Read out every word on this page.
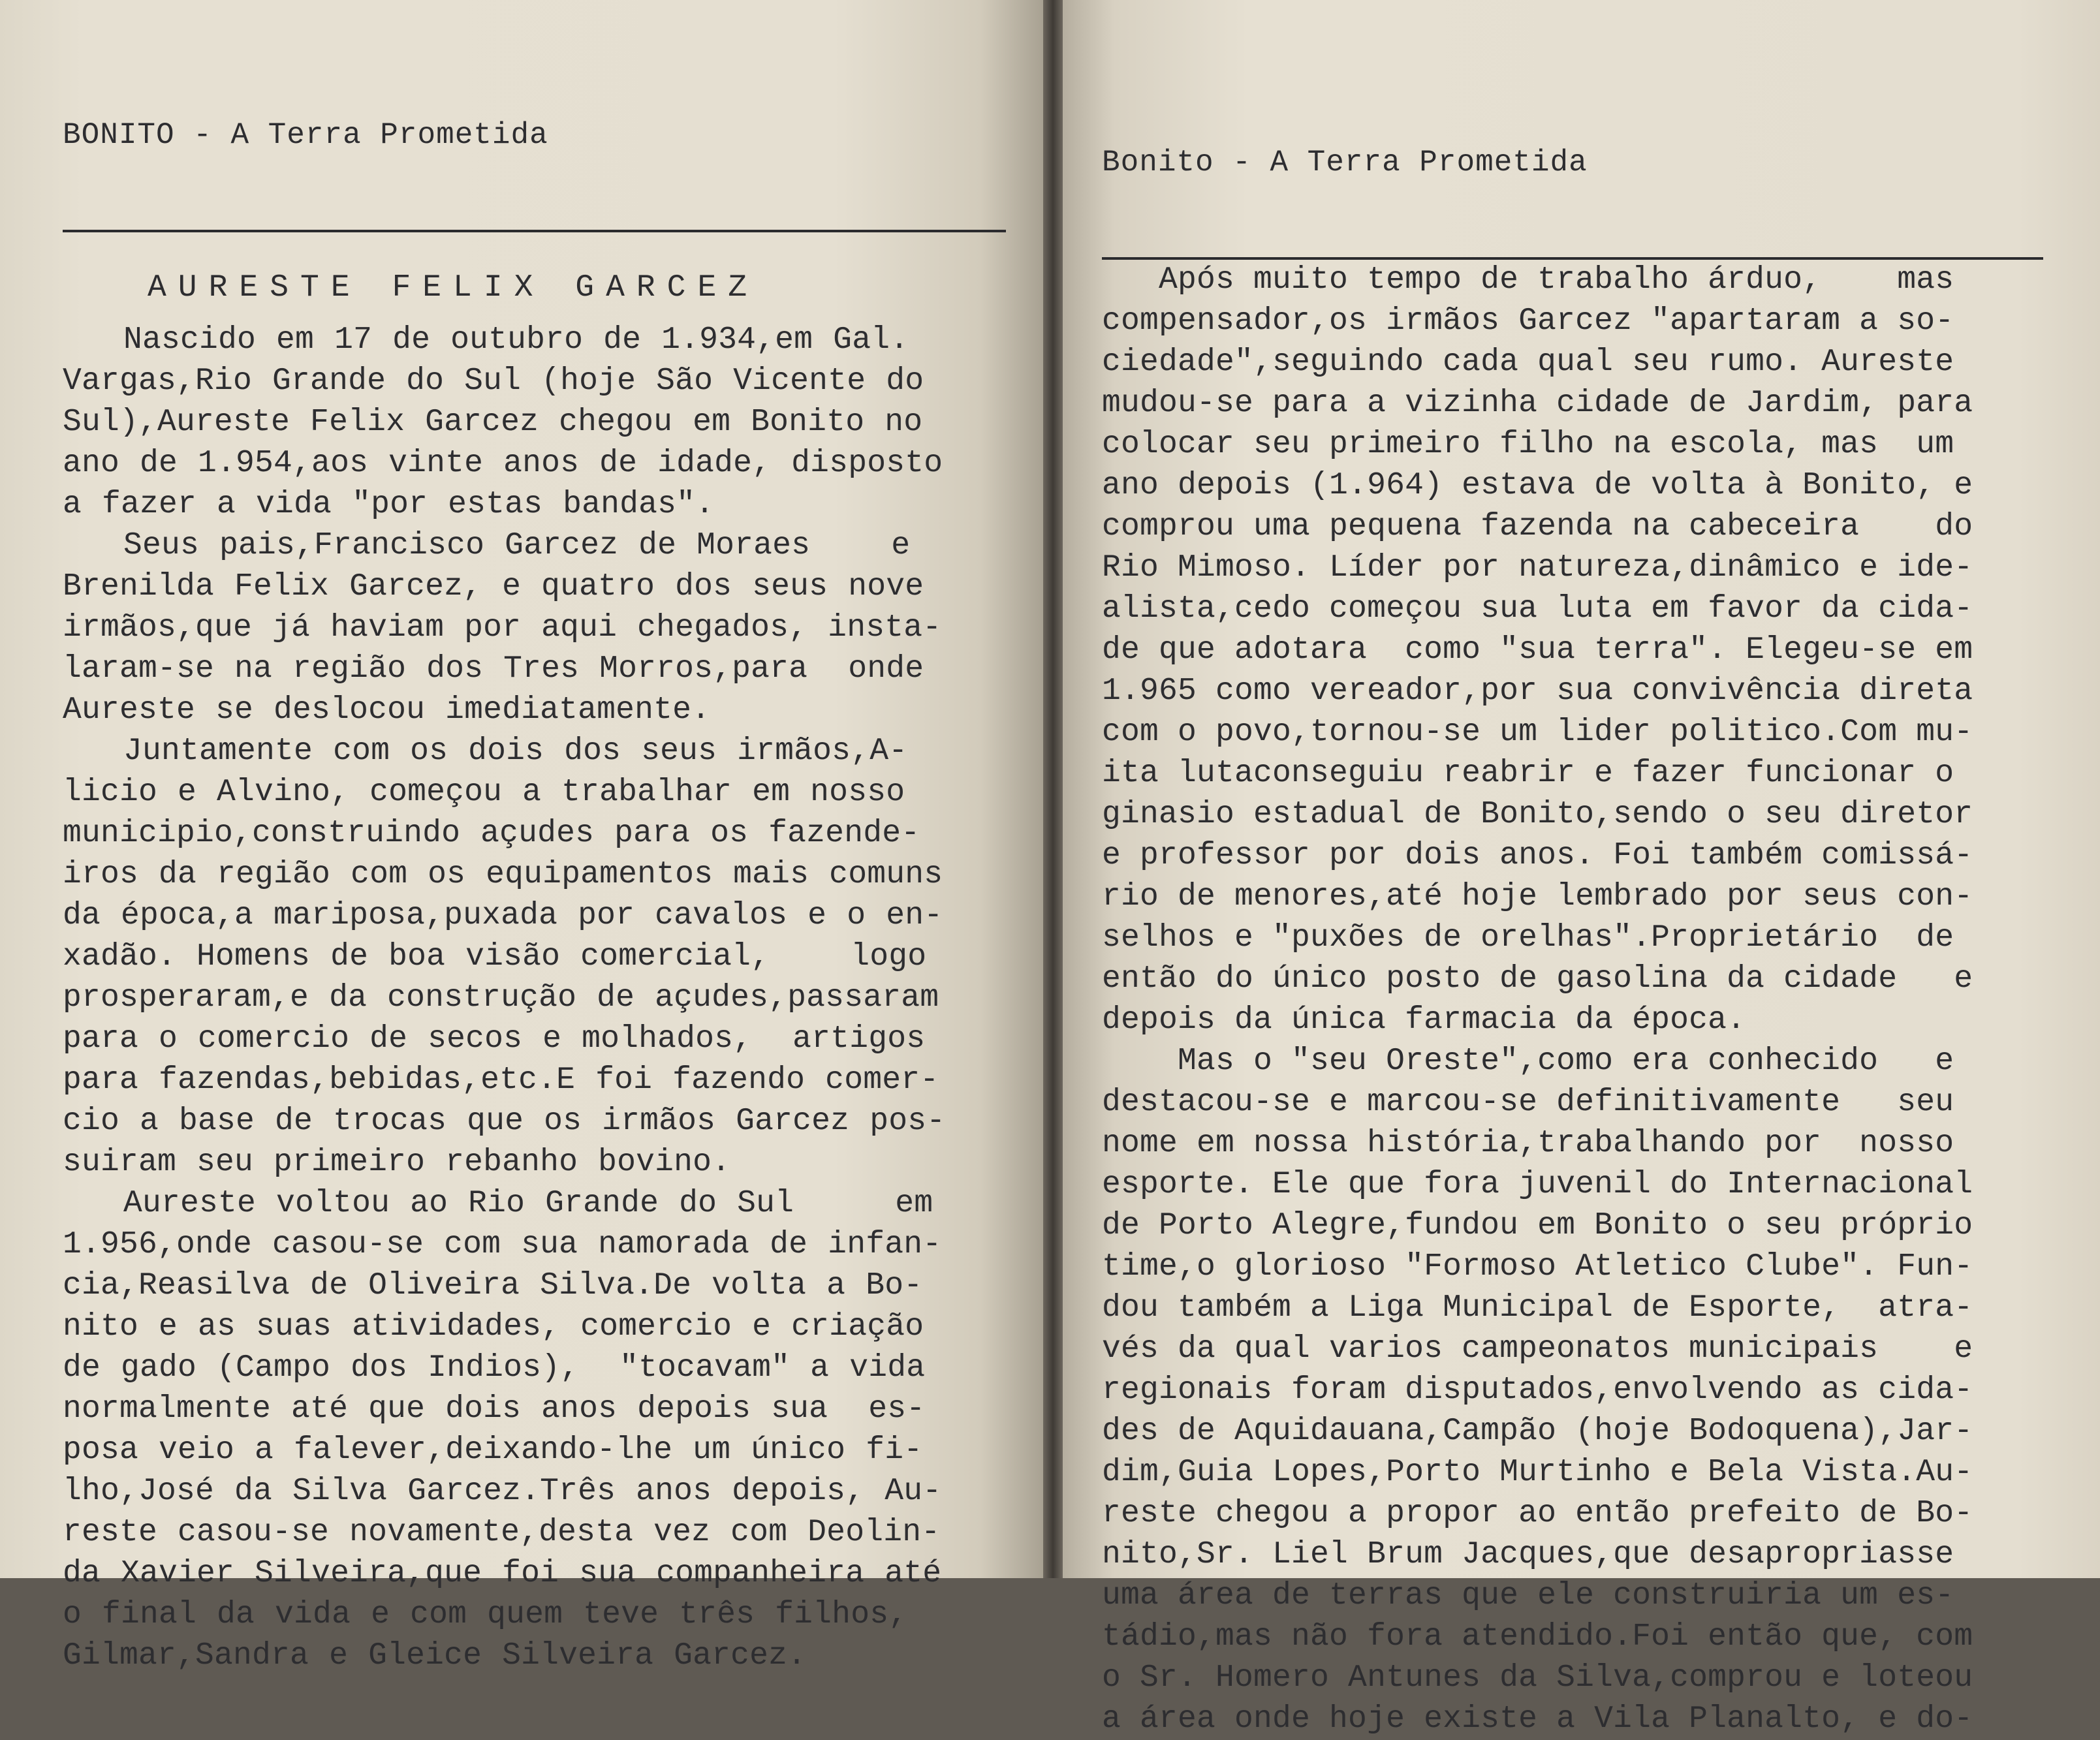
BONITO - A Terra Prometida

AURESTE FELIX GARCEZ

Nascido em 17 de outubro de 1.934,em Gal.

Vargas,Rio Grande do Sul (hoje São Vicente do

Sul),Aureste Felix Garcez chegou em Bonito no

ano de 1.954,aos vinte anos de idade, disposto

a fazer a vida "por estas bandas".

Seus pais,Francisco Garcez de Moraes    e

Brenilda Felix Garcez, e quatro dos seus nove

irmãos,que já haviam por aqui chegados, insta-

laram-se na região dos Tres Morros,para  onde

Aureste se deslocou imediatamente.

Juntamente com os dois dos seus irmãos,A-

licio e Alvino, começou a trabalhar em nosso

municipio,construindo açudes para os fazende-

iros da região com os equipamentos mais comuns

da época,a mariposa,puxada por cavalos e o en-

xadão. Homens de boa visão comercial,    logo

prosperaram,e da construção de açudes,passaram

para o comercio de secos e molhados,  artigos

para fazendas,bebidas,etc.E foi fazendo comer-

cio a base de trocas que os irmãos Garcez pos-

suiram seu primeiro rebanho bovino.

Aureste voltou ao Rio Grande do Sul     em

1.956,onde casou-se com sua namorada de infan-

cia,Reasilva de Oliveira Silva.De volta a Bo-

nito e as suas atividades, comercio e criação

de gado (Campo dos Indios),  "tocavam" a vida

normalmente até que dois anos depois sua  es-

posa veio a falever,deixando-lhe um único fi-

lho,José da Silva Garcez.Três anos depois, Au-

reste casou-se novamente,desta vez com Deolin-

da Xavier Silveira,que foi sua companheira até

o final da vida e com quem teve três filhos,

Gilmar,Sandra e Gleice Silveira Garcez.

Bonito - A Terra Prometida

Após muito tempo de trabalho árduo,    mas

compensador,os irmãos Garcez "apartaram a so-

ciedade",seguindo cada qual seu rumo. Aureste

mudou-se para a vizinha cidade de Jardim, para

colocar seu primeiro filho na escola, mas  um

ano depois (1.964) estava de volta à Bonito, e

comprou uma pequena fazenda na cabeceira    do

Rio Mimoso. Líder por natureza,dinâmico e ide-

alista,cedo começou sua luta em favor da cida-

de que adotara  como "sua terra". Elegeu-se em

1.965 como vereador,por sua convivência direta

com o povo,tornou-se um lider politico.Com mu-

ita lutaconseguiu reabrir e fazer funcionar o

ginasio estadual de Bonito,sendo o seu diretor

e professor por dois anos. Foi também comissá-

rio de menores,até hoje lembrado por seus con-

selhos e "puxões de orelhas".Proprietário  de

então do único posto de gasolina da cidade   e

depois da única farmacia da época.

Mas o "seu Oreste",como era conhecido   e

destacou-se e marcou-se definitivamente   seu

nome em nossa história,trabalhando por  nosso

esporte. Ele que fora juvenil do Internacional

de Porto Alegre,fundou em Bonito o seu próprio

time,o glorioso "Formoso Atletico Clube". Fun-

dou também a Liga Municipal de Esporte,  atra-

vés da qual varios campeonatos municipais    e

regionais foram disputados,envolvendo as cida-

des de Aquidauana,Campão (hoje Bodoquena),Jar-

dim,Guia Lopes,Porto Murtinho e Bela Vista.Au-

reste chegou a propor ao então prefeito de Bo-

nito,Sr. Liel Brum Jacques,que desapropriasse

uma área de terras que ele construiria um es-

tádio,mas não fora atendido.Foi então que, com

o Sr. Homero Antunes da Silva,comprou e loteou

a área onde hoje existe a Vila Planalto, e do-
